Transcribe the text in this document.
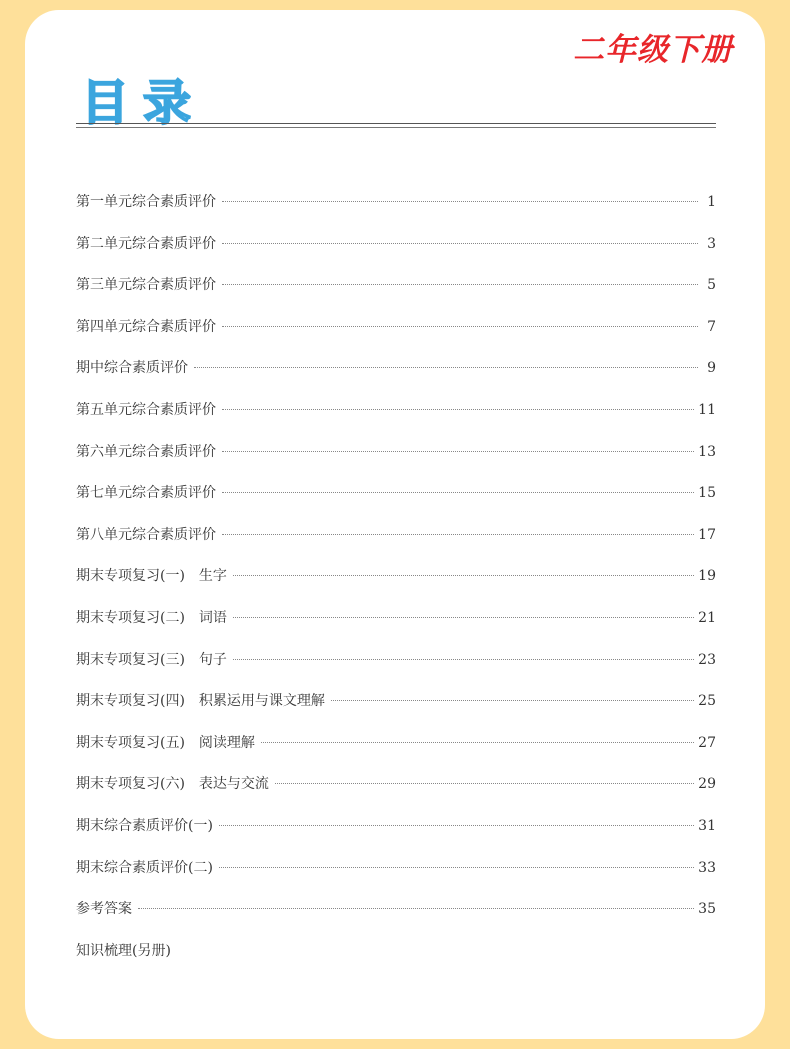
二年级下册
目录
第一单元综合素质评价	1
第二单元综合素质评价	3
第三单元综合素质评价	5
第四单元综合素质评价	7
期中综合素质评价	9
第五单元综合素质评价	11
第六单元综合素质评价	13
第七单元综合素质评价	15
第八单元综合素质评价	17
期末专项复习(一)　生字	19
期末专项复习(二)　词语	21
期末专项复习(三)　句子	23
期末专项复习(四)　积累运用与课文理解	25
期末专项复习(五)　阅读理解	27
期末专项复习(六)　表达与交流	29
期末综合素质评价(一)	31
期末综合素质评价(二)	33
参考答案	35
知识梳理(另册)
